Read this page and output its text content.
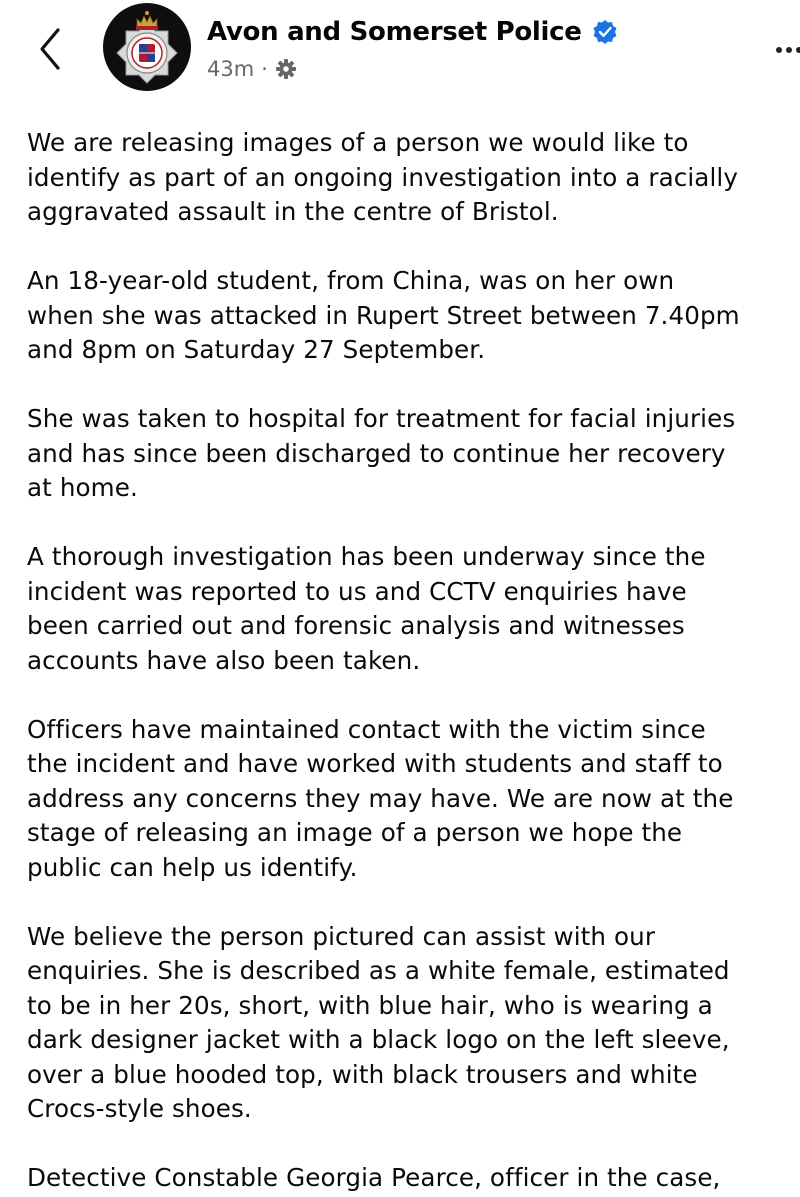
Avon and Somerset Police
43m ·
We are releasing images of a person we would like to
identify as part of an ongoing investigation into a racially
aggravated assault in the centre of Bristol.
An 18-year-old student, from China, was on her own
when she was attacked in Rupert Street between 7.40pm
and 8pm on Saturday 27 September.
She was taken to hospital for treatment for facial injuries
and has since been discharged to continue her recovery
at home.
A thorough investigation has been underway since the
incident was reported to us and CCTV enquiries have
been carried out and forensic analysis and witnesses
accounts have also been taken.
Officers have maintained contact with the victim since
the incident and have worked with students and staff to
address any concerns they may have. We are now at the
stage of releasing an image of a person we hope the
public can help us identify.
We believe the person pictured can assist with our
enquiries. She is described as a white female, estimated
to be in her 20s, short, with blue hair, who is wearing a
dark designer jacket with a black logo on the left sleeve,
over a blue hooded top, with black trousers and white
Crocs-style shoes.
Detective Constable Georgia Pearce, officer in the case,
